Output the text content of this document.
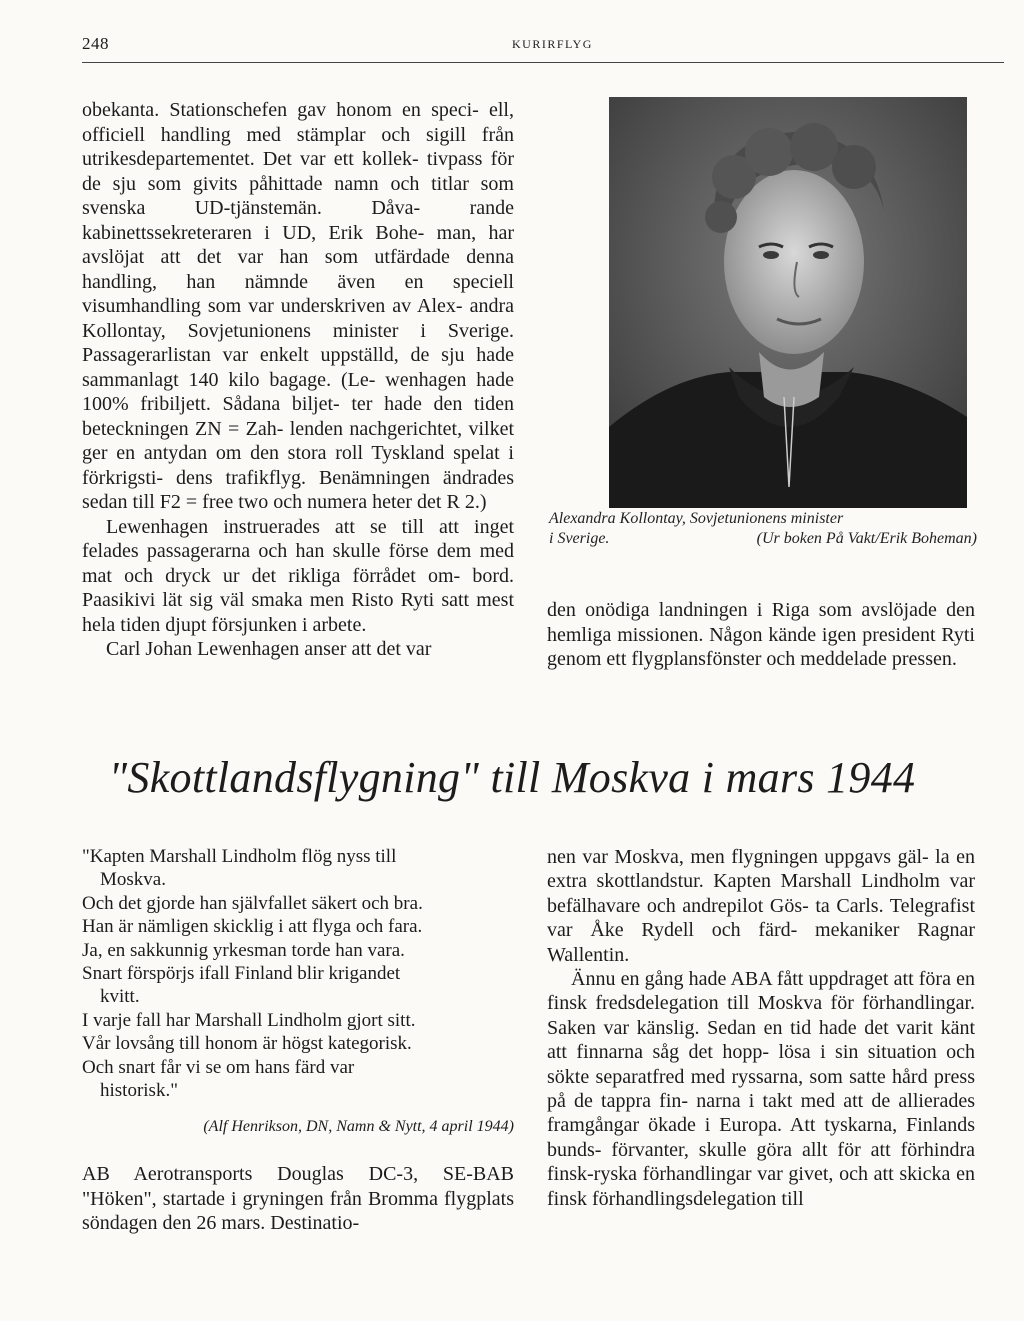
248	KURIRFLYG

obekanta. Stationschefen gav honom en speci- ell, officiell handling med stämplar och sigill från utrikesdepartementet. Det var ett kollek- tivpass för de sju som givits påhittade namn och titlar som svenska UD-tjänstemän. Dåva- rande kabinettssekreteraren i UD, Erik Bohe- man, har avslöjat att det var han som utfärdade denna handling, han nämnde även en speciell visumhandling som var underskriven av Alex- andra Kollontay, Sovjetunionens minister i Sverige. Passagerarlistan var enkelt uppställd, de sju hade sammanlagt 140 kilo bagage. (Le- wenhagen hade 100% fribiljett. Sådana biljet- ter hade den tiden beteckningen ZN = Zah- lenden nachgerichtet, vilket ger en antydan om den stora roll Tyskland spelat i förkrigsti- dens trafikflyg. Benämningen ändrades sedan till F2 = free two och numera heter det R 2.)

Lewenhagen instruerades att se till att inget felades passagerarna och han skulle förse dem med mat och dryck ur det rikliga förrådet om- bord. Paasikivi lät sig väl smaka men Risto Ryti satt mest hela tiden djupt försjunken i arbete.

Carl Johan Lewenhagen anser att det var

Alexandra Kollontay, Sovjetunionens minister
i Sverige.	(Ur boken På Vakt/Erik Boheman)

den onödiga landningen i Riga som avslöjade den hemliga missionen. Någon kände igen president Ryti genom ett flygplansfönster och meddelade pressen.

"Skottlandsflygning" till Moskva i mars 1944
"Kapten Marshall Lindholm flög nyss till
Moskva.
Och det gjorde han självfallet säkert och bra.
Han är nämligen skicklig i att flyga och fara.
Ja, en sakkunnig yrkesman torde han vara.
Snart förspörjs ifall Finland blir krigandet
kvitt.
I varje fall har Marshall Lindholm gjort sitt.
Vår lovsång till honom är högst kategorisk.
Och snart får vi se om hans färd var
historisk."
(Alf Henrikson, DN, Namn & Nytt, 4 april 1944)

AB Aerotransports Douglas DC-3, SE-BAB "Höken", startade i gryningen från Bromma flygplats söndagen den 26 mars. Destinatio-

nen var Moskva, men flygningen uppgavs gäl- la en extra skottlandstur. Kapten Marshall Lindholm var befälhavare och andrepilot Gös- ta Carls. Telegrafist var Åke Rydell och färd- mekaniker Ragnar Wallentin.

Ännu en gång hade ABA fått uppdraget att föra en finsk fredsdelegation till Moskva för förhandlingar. Saken var känslig. Sedan en tid hade det varit känt att finnarna såg det hopp- lösa i sin situation och sökte separatfred med ryssarna, som satte hård press på de tappra fin- narna i takt med att de allierades framgångar ökade i Europa. Att tyskarna, Finlands bunds- förvanter, skulle göra allt för att förhindra finsk-ryska förhandlingar var givet, och att skicka en finsk förhandlingsdelegation till
